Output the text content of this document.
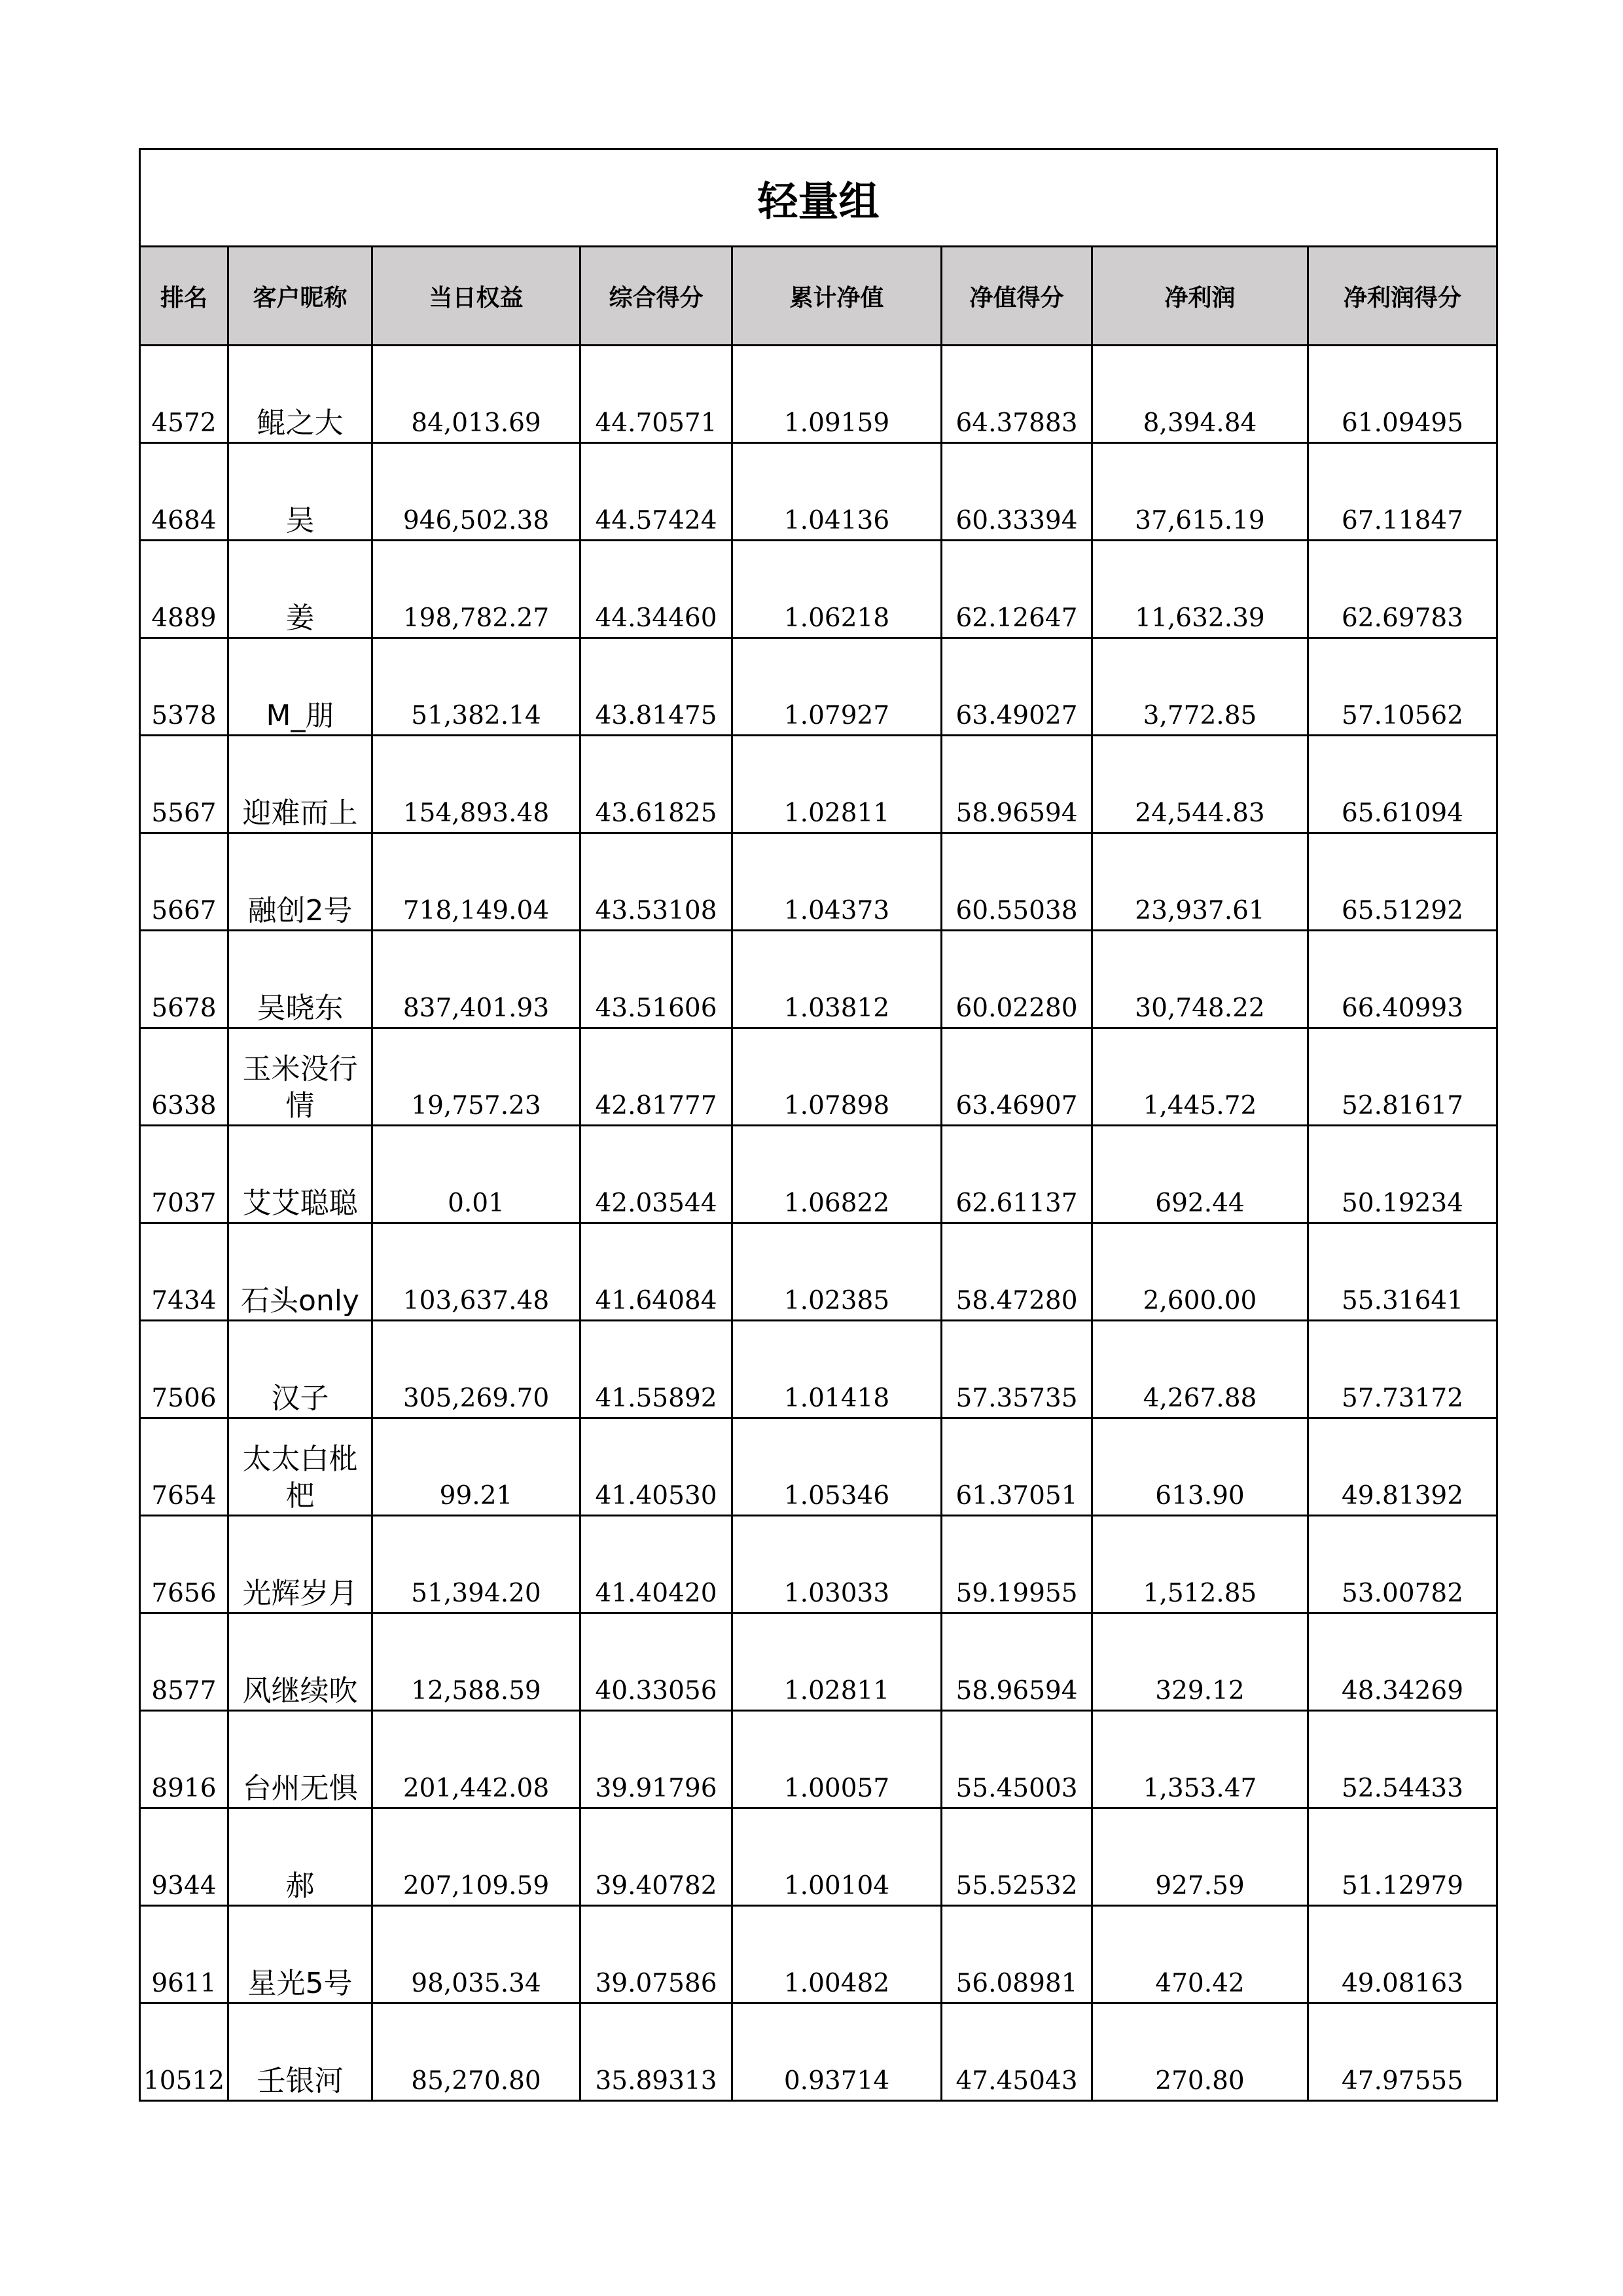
轻量组							
排名	客户昵称	当日权益	综合得分	累计净值	净值得分	净利润	净利润得分
4572	鲲之大	84,013.69	44.70571	1.09159	64.37883	8,394.84	61.09495
4684	吴	946,502.38	44.57424	1.04136	60.33394	37,615.19	67.11847
4889	姜	198,782.27	44.34460	1.06218	62.12647	11,632.39	62.69783
5378	M_朋	51,382.14	43.81475	1.07927	63.49027	3,772.85	57.10562
5567	迎难而上	154,893.48	43.61825	1.02811	58.96594	24,544.83	65.61094
5667	融创2号	718,149.04	43.53108	1.04373	60.55038	23,937.61	65.51292
5678	吴晓东	837,401.93	43.51606	1.03812	60.02280	30,748.22	66.40993
6338	玉米没行情	19,757.23	42.81777	1.07898	63.46907	1,445.72	52.81617
7037	艾艾聪聪	0.01	42.03544	1.06822	62.61137	692.44	50.19234
7434	石头only	103,637.48	41.64084	1.02385	58.47280	2,600.00	55.31641
7506	汉子	305,269.70	41.55892	1.01418	57.35735	4,267.88	57.73172
7654	太太白枇杷	99.21	41.40530	1.05346	61.37051	613.90	49.81392
7656	光辉岁月	51,394.20	41.40420	1.03033	59.19955	1,512.85	53.00782
8577	风继续吹	12,588.59	40.33056	1.02811	58.96594	329.12	48.34269
8916	台州无惧	201,442.08	39.91796	1.00057	55.45003	1,353.47	52.54433
9344	郝	207,109.59	39.40782	1.00104	55.52532	927.59	51.12979
9611	星光5号	98,035.34	39.07586	1.00482	56.08981	470.42	49.08163
10512	壬银河	85,270.80	35.89313	0.93714	47.45043	270.80	47.97555
